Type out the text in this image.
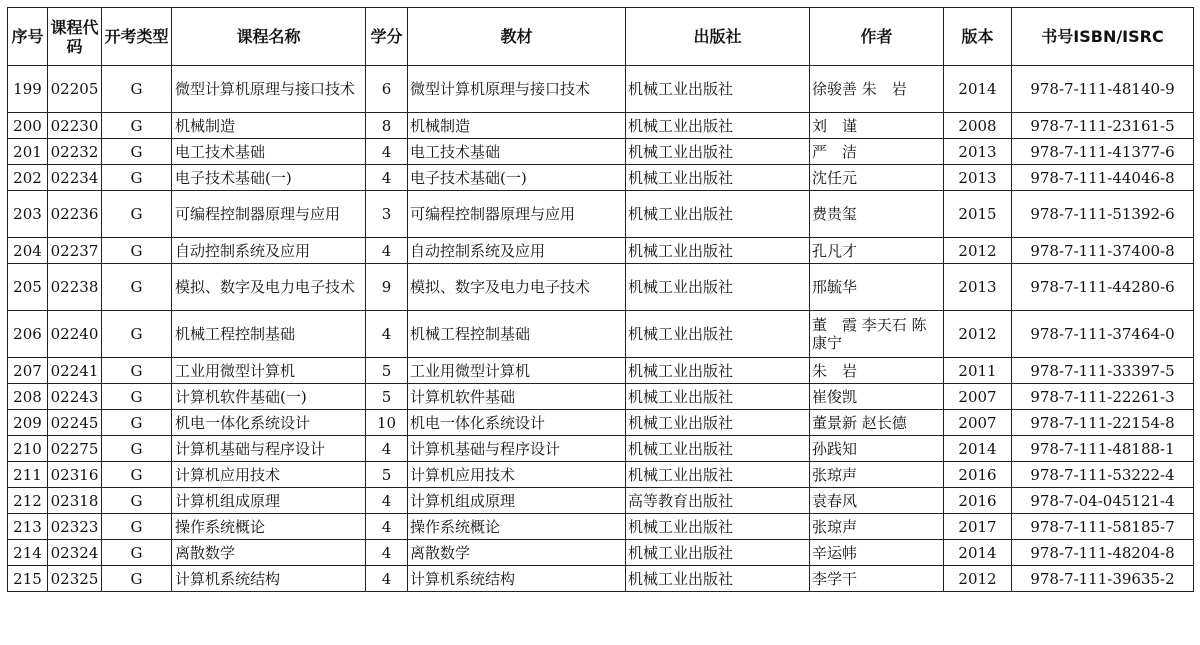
序号	课程代码	开考类型	课程名称	学分	教材	出版社	作者	版本	书号ISBN/ISRC
199	02205	G	微型计算机原理与接口技术	6	微型计算机原理与接口技术	机械工业出版社	徐骏善 朱　岩	2014	978-7-111-48140-9
200	02230	G	机械制造	8	机械制造	机械工业出版社	刘　谨	2008	978-7-111-23161-5
201	02232	G	电工技术基础	4	电工技术基础	机械工业出版社	严　洁	2013	978-7-111-41377-6
202	02234	G	电子技术基础(一)	4	电子技术基础(一)	机械工业出版社	沈任元	2013	978-7-111-44046-8
203	02236	G	可编程控制器原理与应用	3	可编程控制器原理与应用	机械工业出版社	费贵玺	2015	978-7-111-51392-6
204	02237	G	自动控制系统及应用	4	自动控制系统及应用	机械工业出版社	孔凡才	2012	978-7-111-37400-8
205	02238	G	模拟、数字及电力电子技术	9	模拟、数字及电力电子技术	机械工业出版社	邢毓华	2013	978-7-111-44280-6
206	02240	G	机械工程控制基础	4	机械工程控制基础	机械工业出版社	董　霞 李天石 陈康宁	2012	978-7-111-37464-0
207	02241	G	工业用微型计算机	5	工业用微型计算机	机械工业出版社	朱　岩	2011	978-7-111-33397-5
208	02243	G	计算机软件基础(一)	5	计算机软件基础	机械工业出版社	崔俊凯	2007	978-7-111-22261-3
209	02245	G	机电一体化系统设计	10	机电一体化系统设计	机械工业出版社	董景新 赵长德	2007	978-7-111-22154-8
210	02275	G	计算机基础与程序设计	4	计算机基础与程序设计	机械工业出版社	孙践知	2014	978-7-111-48188-1
211	02316	G	计算机应用技术	5	计算机应用技术	机械工业出版社	张琼声	2016	978-7-111-53222-4
212	02318	G	计算机组成原理	4	计算机组成原理	高等教育出版社	袁春风	2016	978-7-04-045121-4
213	02323	G	操作系统概论	4	操作系统概论	机械工业出版社	张琼声	2017	978-7-111-58185-7
214	02324	G	离散数学	4	离散数学	机械工业出版社	辛运帏	2014	978-7-111-48204-8
215	02325	G	计算机系统结构	4	计算机系统结构	机械工业出版社	李学干	2012	978-7-111-39635-2
